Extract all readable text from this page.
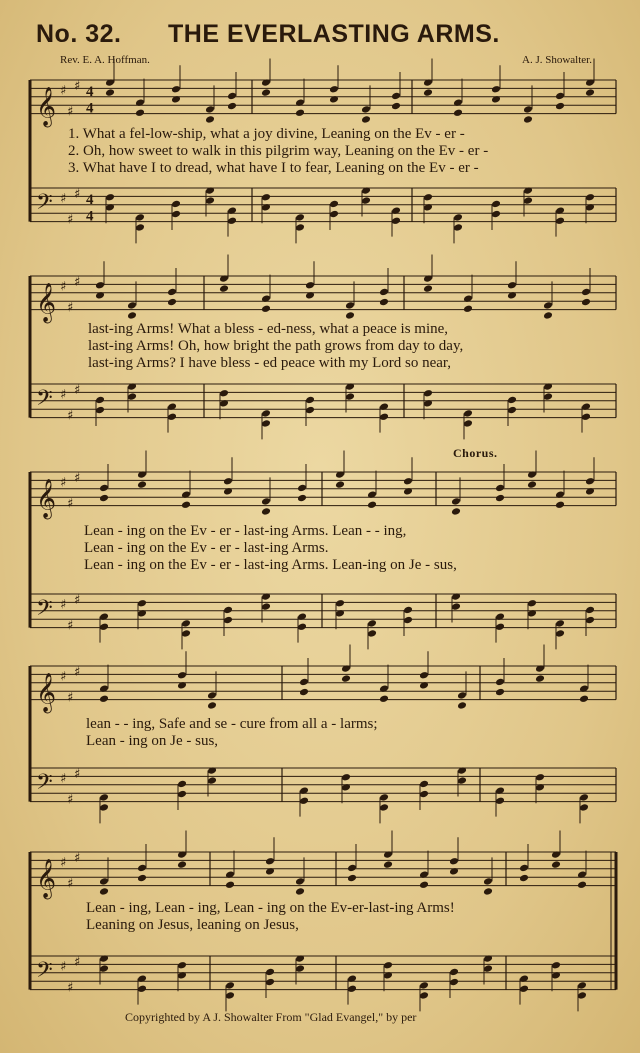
No. 32. THE EVERLASTING ARMS.
Rev. E. A. Hoffman.	A. J. Showalter.
𝄞 ♯
♯
♯
𝄢 ♯
♯
♯
4
4
4
4
𝄞 ♯
♯
♯
𝄢 ♯
♯
♯
𝄞 ♯
♯
♯
𝄢 ♯
♯
♯
𝄞 ♯
♯
♯
𝄢 ♯
♯
♯
𝄞 ♯
♯
♯
𝄢 ♯
♯
♯
1. What a fel-low-ship, what a joy divine, Leaning on the Ev - er -
2. Oh, how sweet to walk in this pilgrim way, Leaning on the Ev - er -
3. What have I to dread, what have I to fear, Leaning on the Ev - er -
last-ing Arms! What a bless - ed-ness, what a peace is mine,
last-ing Arms! Oh, how bright the path grows from day to day,
last-ing Arms? I have bless - ed peace with my Lord so near,
Chorus.
Lean - ing on the Ev - er - last-ing Arms. Lean - - ing,
Lean - ing on the Ev - er - last-ing Arms.
Lean - ing on the Ev - er - last-ing Arms. Lean-ing on Je - sus,
lean - - ing, Safe and se - cure from all a - larms;
Lean - ing on Je - sus,
Lean - ing, Lean - ing, Lean - ing on the Ev-er-last-ing Arms!
Leaning on Jesus, leaning on Jesus,
Copyrighted by A J. Showalter From "Glad Evangel," by per
